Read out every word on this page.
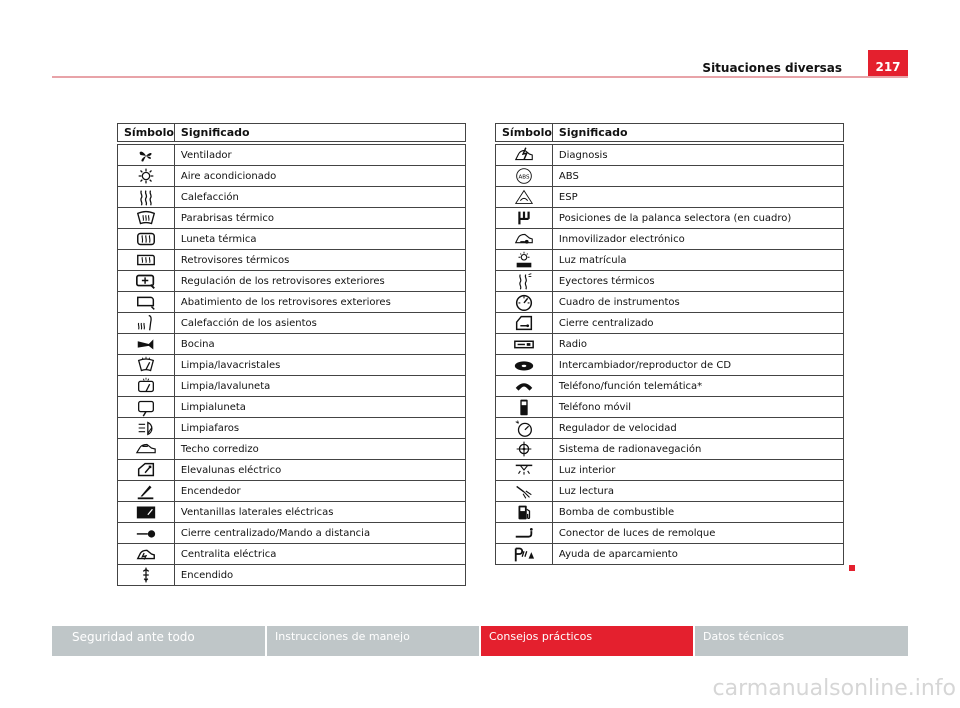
Situaciones diversas	217
Símbolo	Significado

	Ventilador

	Aire acondicionado

	Calefacción

	Parabrisas térmico

	Luneta térmica

	Retrovisores térmicos

	Regulación de los retrovisores exteriores

	Abatimiento de los retrovisores exteriores

	Calefacción de los asientos

	Bocina

	Limpia/lavacristales

	Limpia/lavaluneta

	Limpialuneta

	Limpiafaros

	Techo corredizo

	Elevalunas eléctrico

	Encendedor

	Ventanillas laterales eléctricas

	Cierre centralizado/Mando a distancia

	Centralita eléctrica

	Encendido
Símbolo	Significado

	Diagnosis

ABS	ABS

	ESP

	Posiciones de la palanca selectora (en cuadro)

	Inmovilizador electrónico

	Luz matrícula

	Eyectores térmicos

	Cuadro de instrumentos

	Cierre centralizado

	Radio

	Intercambiador/reproductor de CD

	Teléfono/función telemática*

	Teléfono móvil

	Regulador de velocidad

	Sistema de radionavegación

	Luz interior

	Luz lectura

	Bomba de combustible

	Conector de luces de remolque

	Ayuda de aparcamiento
Seguridad ante todo	Instrucciones de manejo	Consejos prácticos	Datos técnicos
carmanualsonline.info
